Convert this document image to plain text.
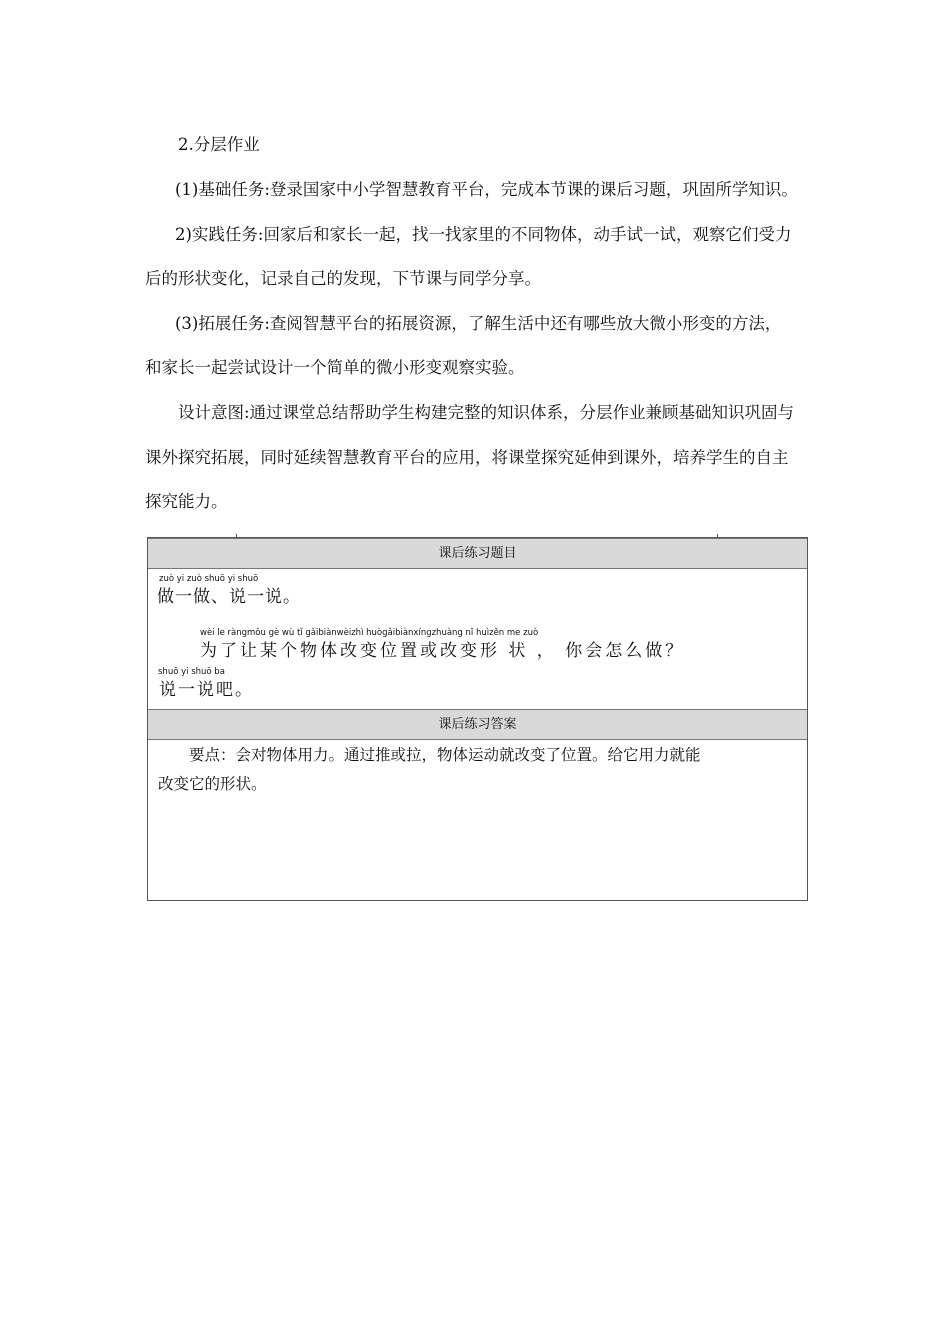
2.分层作业

(1)基础任务:登录国家中小学智慧教育平台，完成本节课的课后习题，巩固所学知识。

2)实践任务:回家后和家长一起，找一找家里的不同物体，动手试一试，观察它们受力

后的形状变化，记录自己的发现，下节课与同学分享。

(3)拓展任务:查阅智慧平台的拓展资源，了解生活中还有哪些放大微小形变的方法，

和家长一起尝试设计一个简单的微小形变观察实验。

设计意图:通过课堂总结帮助学生构建完整的知识体系，分层作业兼顾基础知识巩固与

课外探究拓展，同时延续智慧教育平台的应用，将课堂探究延伸到课外，培养学生的自主

探究能力。

课后练习题目
zuò yi zuò shuō yi shuō
做一做、说一说。
wèi le ràngmǒu gè wù tǐ gǎibiànwèizhì huògǎibiànxíngzhuàng nǐ huìzěn me zuò
为了让某个物体改变位置或改变形 状 ， 你会怎么做？
shuō yi shuō ba
说一说吧。
课后练习答案

　　要点：会对物体用力。通过推或拉，物体运动就改变了位置。给它用力就能

改变它的形状。
